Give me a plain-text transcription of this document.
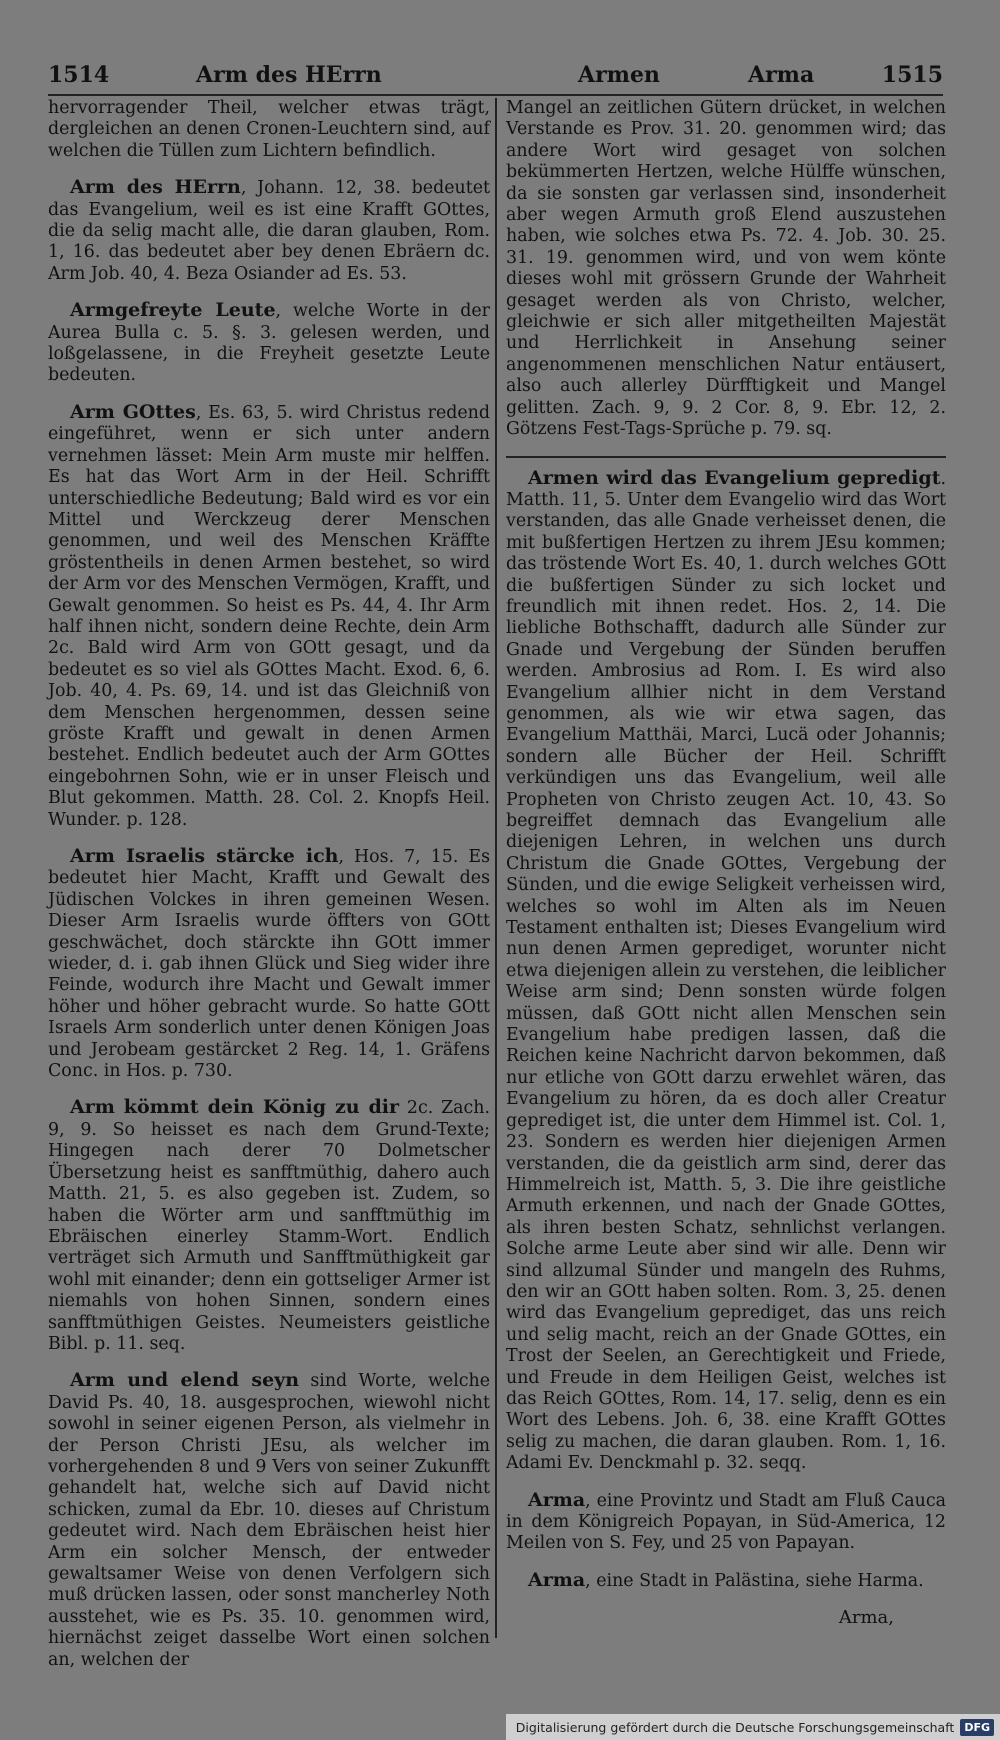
1514	Arm des HErrn	Armen	Arma	1515

hervorragender Theil, welcher etwas trägt, dergleichen an denen Cronen-Leuchtern sind, auf welchen die Tüllen zum Lichtern befindlich.

Arm des HErrn, Johann. 12, 38. bedeutet das Evangelium, weil es ist eine Krafft GOttes, die da selig macht alle, die daran glauben, Rom. 1, 16. das bedeutet aber bey denen Ebräern dc. Arm Job. 40, 4. Beza Osiander ad Es. 53.

Armgefreyte Leute, welche Worte in der Aurea Bulla c. 5. §. 3. gelesen werden, und loßgelassene, in die Freyheit gesetzte Leute bedeuten.

Arm GOttes, Es. 63, 5. wird Christus redend eingeführet, wenn er sich unter andern vernehmen lässet: Mein Arm muste mir helffen. Es hat das Wort Arm in der Heil. Schrifft unterschiedliche Bedeutung; Bald wird es vor ein Mittel und Werckzeug derer Menschen genommen, und weil des Menschen Kräffte gröstentheils in denen Armen bestehet, so wird der Arm vor des Menschen Vermögen, Krafft, und Gewalt genommen. So heist es Ps. 44, 4. Ihr Arm half ihnen nicht, sondern deine Rechte, dein Arm 2c. Bald wird Arm von GOtt gesagt, und da bedeutet es so viel als GOttes Macht. Exod. 6, 6. Job. 40, 4. Ps. 69, 14. und ist das Gleichniß von dem Menschen hergenommen, dessen seine gröste Krafft und gewalt in denen Armen bestehet. Endlich bedeutet auch der Arm GOttes eingebohrnen Sohn, wie er in unser Fleisch und Blut gekommen. Matth. 28. Col. 2. Knopfs Heil. Wunder. p. 128.

Arm Israelis stärcke ich, Hos. 7, 15. Es bedeutet hier Macht, Krafft und Gewalt des Jüdischen Volckes in ihren gemeinen Wesen. Dieser Arm Israelis wurde öffters von GOtt geschwächet, doch stärckte ihn GOtt immer wieder, d. i. gab ihnen Glück und Sieg wider ihre Feinde, wodurch ihre Macht und Gewalt immer höher und höher gebracht wurde. So hatte GOtt Israels Arm sonderlich unter denen Königen Joas und Jerobeam gestärcket 2 Reg. 14, 1. Gräfens Conc. in Hos. p. 730.

Arm kömmt dein König zu dir 2c. Zach. 9, 9. So heisset es nach dem Grund-Texte; Hingegen nach derer 70 Dolmetscher Übersetzung heist es sanfftmüthig, dahero auch Matth. 21, 5. es also gegeben ist. Zudem, so haben die Wörter arm und sanfftmüthig im Ebräischen einerley Stamm-Wort. Endlich verträget sich Armuth und Sanfftmüthigkeit gar wohl mit einander; denn ein gottseliger Armer ist niemahls von hohen Sinnen, sondern eines sanfftmüthigen Geistes. Neumeisters geistliche Bibl. p. 11. seq.

Arm und elend seyn sind Worte, welche David Ps. 40, 18. ausgesprochen, wiewohl nicht sowohl in seiner eigenen Person, als vielmehr in der Person Christi JEsu, als welcher im vorhergehenden 8 und 9 Vers von seiner Zukunfft gehandelt hat, welche sich auf David nicht schicken, zumal da Ebr. 10. dieses auf Christum gedeutet wird. Nach dem Ebräischen heist hier Arm ein solcher Mensch, der entweder gewaltsamer Weise von denen Verfolgern sich muß drücken lassen, oder sonst mancherley Noth ausstehet, wie es Ps. 35. 10. genommen wird, hiernächst zeiget dasselbe Wort einen solchen an, welchen der

Mangel an zeitlichen Gütern drücket, in welchen Verstande es Prov. 31. 20. genommen wird; das andere Wort wird gesaget von solchen bekümmerten Hertzen, welche Hülffe wünschen, da sie sonsten gar verlassen sind, insonderheit aber wegen Armuth groß Elend auszustehen haben, wie solches etwa Ps. 72. 4. Job. 30. 25. 31. 19. genommen wird, und von wem könte dieses wohl mit grössern Grunde der Wahrheit gesaget werden als von Christo, welcher, gleichwie er sich aller mitgetheilten Majestät und Herrlichkeit in Ansehung seiner angenommenen menschlichen Natur entäusert, also auch allerley Dürfftigkeit und Mangel gelitten. Zach. 9, 9. 2 Cor. 8, 9. Ebr. 12, 2. Götzens Fest-Tags-Sprüche p. 79. sq.

Armen wird das Evangelium gepredigt. Matth. 11, 5. Unter dem Evangelio wird das Wort verstanden, das alle Gnade verheisset denen, die mit bußfertigen Hertzen zu ihrem JEsu kommen; das tröstende Wort Es. 40, 1. durch welches GOtt die bußfertigen Sünder zu sich locket und freundlich mit ihnen redet. Hos. 2, 14. Die liebliche Bothschafft, dadurch alle Sünder zur Gnade und Vergebung der Sünden beruffen werden. Ambrosius ad Rom. I. Es wird also Evangelium allhier nicht in dem Verstand genommen, als wie wir etwa sagen, das Evangelium Matthäi, Marci, Lucä oder Johannis; sondern alle Bücher der Heil. Schrifft verkündigen uns das Evangelium, weil alle Propheten von Christo zeugen Act. 10, 43. So begreiffet demnach das Evangelium alle diejenigen Lehren, in welchen uns durch Christum die Gnade GOttes, Vergebung der Sünden, und die ewige Seligkeit verheissen wird, welches so wohl im Alten als im Neuen Testament enthalten ist; Dieses Evangelium wird nun denen Armen geprediget, worunter nicht etwa diejenigen allein zu verstehen, die leiblicher Weise arm sind; Denn sonsten würde folgen müssen, daß GOtt nicht allen Menschen sein Evangelium habe predigen lassen, daß die Reichen keine Nachricht darvon bekommen, daß nur etliche von GOtt darzu erwehlet wären, das Evangelium zu hören, da es doch aller Creatur geprediget ist, die unter dem Himmel ist. Col. 1, 23. Sondern es werden hier diejenigen Armen verstanden, die da geistlich arm sind, derer das Himmelreich ist, Matth. 5, 3. Die ihre geistliche Armuth erkennen, und nach der Gnade GOttes, als ihren besten Schatz, sehnlichst verlangen. Solche arme Leute aber sind wir alle. Denn wir sind allzumal Sünder und mangeln des Ruhms, den wir an GOtt haben solten. Rom. 3, 25. denen wird das Evangelium geprediget, das uns reich und selig macht, reich an der Gnade GOttes, ein Trost der Seelen, an Gerechtigkeit und Friede, und Freude in dem Heiligen Geist, welches ist das Reich GOttes, Rom. 14, 17. selig, denn es ein Wort des Lebens. Joh. 6, 38. eine Krafft GOttes selig zu machen, die daran glauben. Rom. 1, 16. Adami Ev. Denckmahl p. 32. seqq.

Arma, eine Provintz und Stadt am Fluß Cauca in dem Königreich Popayan, in Süd-America, 12 Meilen von S. Fey, und 25 von Papayan.

Arma, eine Stadt in Palästina, siehe Harma.

Arma,
Digitalisierung gefördert durch die Deutsche Forschungsgemeinschaft DFG
